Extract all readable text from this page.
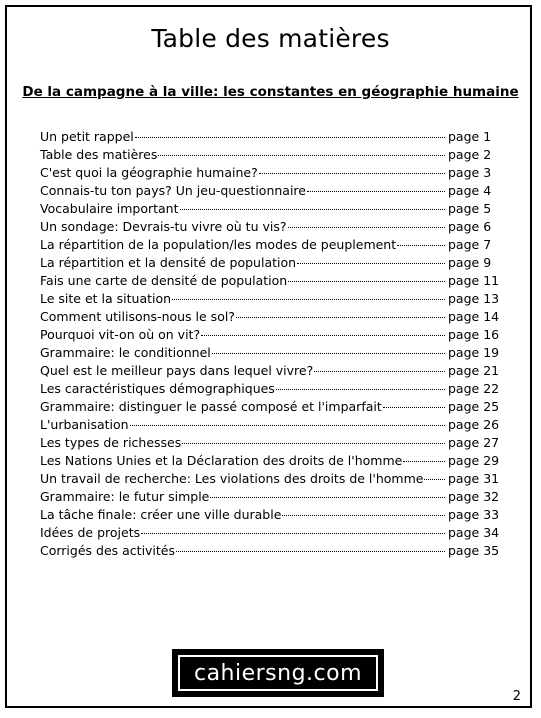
Table des matières
De la campagne à la ville: les constantes en géographie humaine
Un petit rappel	page 1
Table des matières	page 2
C'est quoi la géographie humaine?	page 3
Connais-tu ton pays? Un jeu-questionnaire	page 4
Vocabulaire important	page 5
Un sondage: Devrais-tu vivre où tu vis?	page 6
La répartition de la population/les modes de peuplement	page 7
La répartition et la densité de population	page 9
Fais une carte de densité de population	page 11
Le site et la situation	page 13
Comment utilisons-nous le sol?	page 14
Pourquoi vit-on où on vit?	page 16
Grammaire: le conditionnel	page 19
Quel est le meilleur pays dans lequel vivre?	page 21
Les caractéristiques démographiques	page 22
Grammaire: distinguer le passé composé et l'imparfait	page 25
L'urbanisation	page 26
Les types de richesses	page 27
Les Nations Unies et la Déclaration des droits de l'homme	page 29
Un travail de recherche: Les violations des droits de l'homme page 31
Grammaire: le futur simple	page 32
La tâche finale: créer une ville durable	page 33
Idées de projets	page 34
Corrigés des activités	page 35
cahiersng.com
2
